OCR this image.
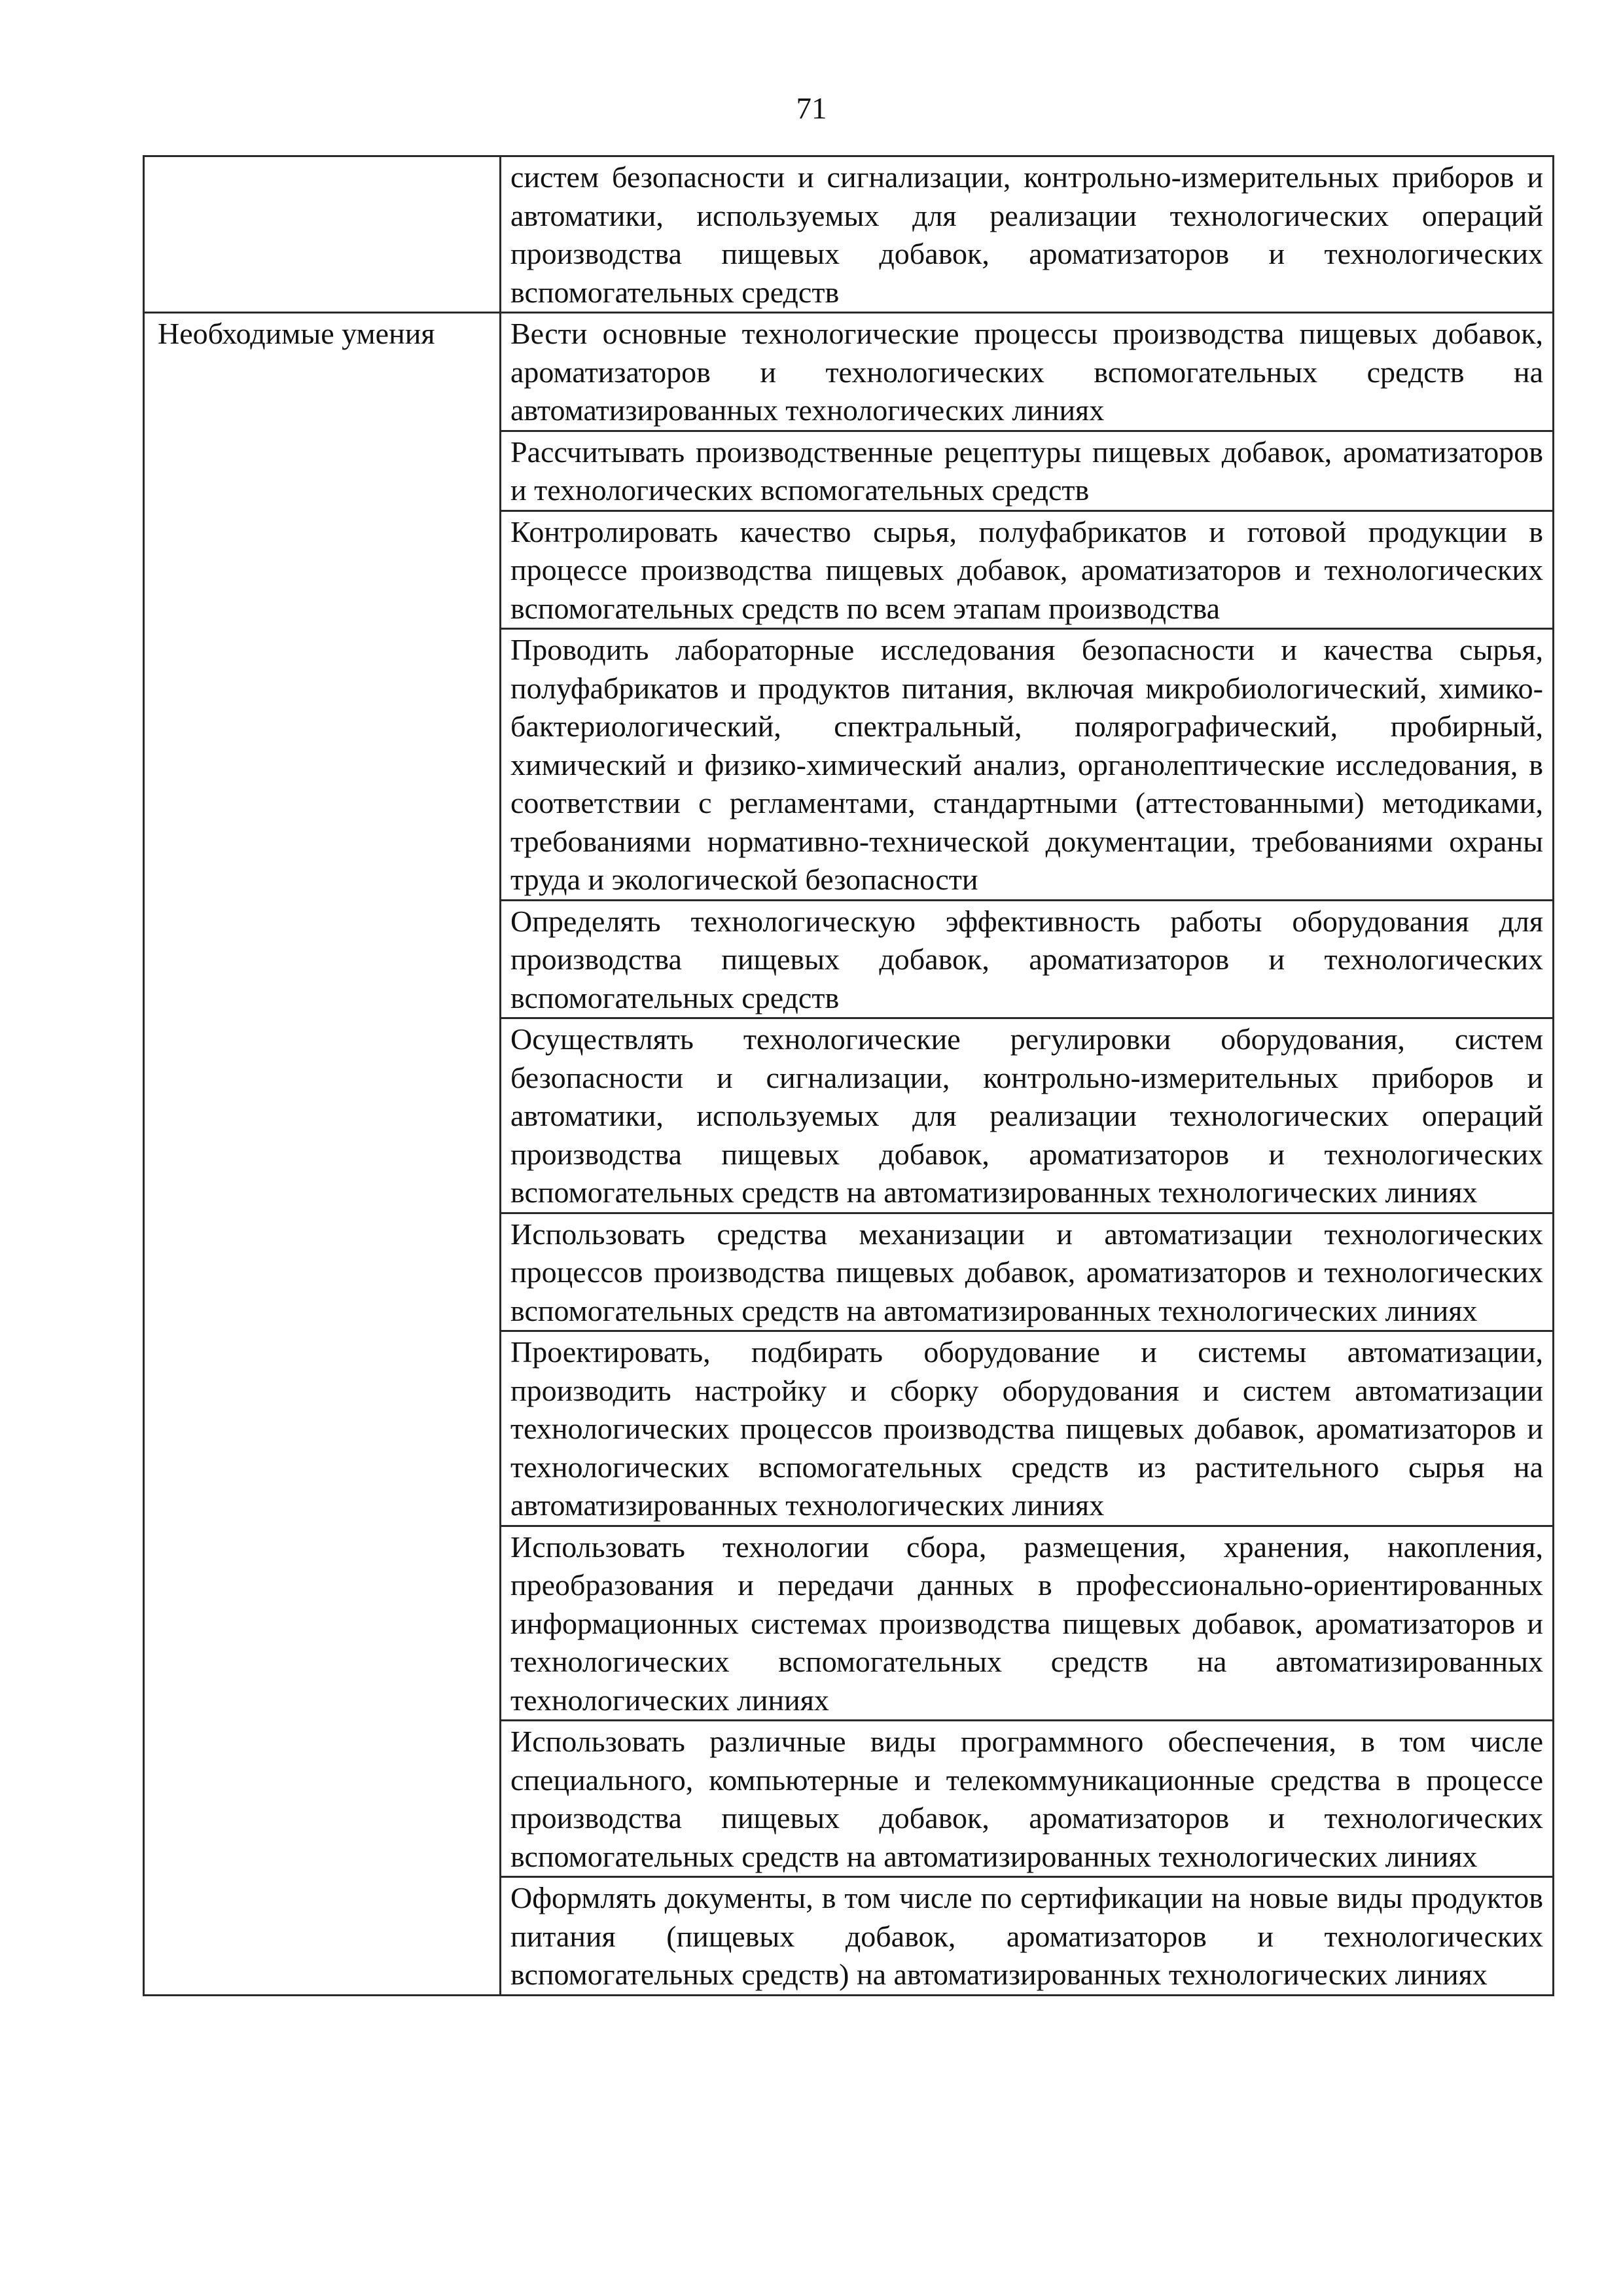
71
	систем безопасности и сигнализации, контрольно-измерительных приборов и автоматики, используемых для реализации технологических операций производства пищевых добавок, ароматизаторов и технологических вспомогательных средств
Необходимые умения	Вести основные технологические процессы производства пищевых добавок, ароматизаторов и технологических вспомогательных средств на автоматизированных технологических линиях
	Рассчитывать производственные рецептуры пищевых добавок, ароматизаторов и технологических вспомогательных средств
	Контролировать качество сырья, полуфабрикатов и готовой продукции в процессе производства пищевых добавок, ароматизаторов и технологических вспомогательных средств по всем этапам производства
	Проводить лабораторные исследования безопасности и качества сырья, полуфабрикатов и продуктов питания, включая микробиологический, химико-бактериологический, спектральный, полярографический, пробирный, химический и физико-химический анализ, органолептические исследования, в соответствии с регламентами, стандартными (аттестованными) методиками, требованиями нормативно-технической документации, требованиями охраны труда и экологической безопасности
	Определять технологическую эффективность работы оборудования для производства пищевых добавок, ароматизаторов и технологических вспомогательных средств
	Осуществлять технологические регулировки оборудования, систем безопасности и сигнализации, контрольно-измерительных приборов и автоматики, используемых для реализации технологических операций производства пищевых добавок, ароматизаторов и технологических вспомогательных средств на автоматизированных технологических линиях
	Использовать средства механизации и автоматизации технологических процессов производства пищевых добавок, ароматизаторов и технологических вспомогательных средств на автоматизированных технологических линиях
	Проектировать, подбирать оборудование и системы автоматизации, производить настройку и сборку оборудования и систем автоматизации технологических процессов производства пищевых добавок, ароматизаторов и технологических вспомогательных средств из растительного сырья на автоматизированных технологических линиях
	Использовать технологии сбора, размещения, хранения, накопления, преобразования и передачи данных в профессионально-ориентированных информационных системах производства пищевых добавок, ароматизаторов и технологических вспомогательных средств на автоматизированных технологических линиях
	Использовать различные виды программного обеспечения, в том числе специального, компьютерные и телекоммуникационные средства в процессе производства пищевых добавок, ароматизаторов и технологических вспомогательных средств на автоматизированных технологических линиях
	Оформлять документы, в том числе по сертификации на новые виды продуктов питания (пищевых добавок, ароматизаторов и технологических вспомогательных средств) на автоматизированных технологических линиях
